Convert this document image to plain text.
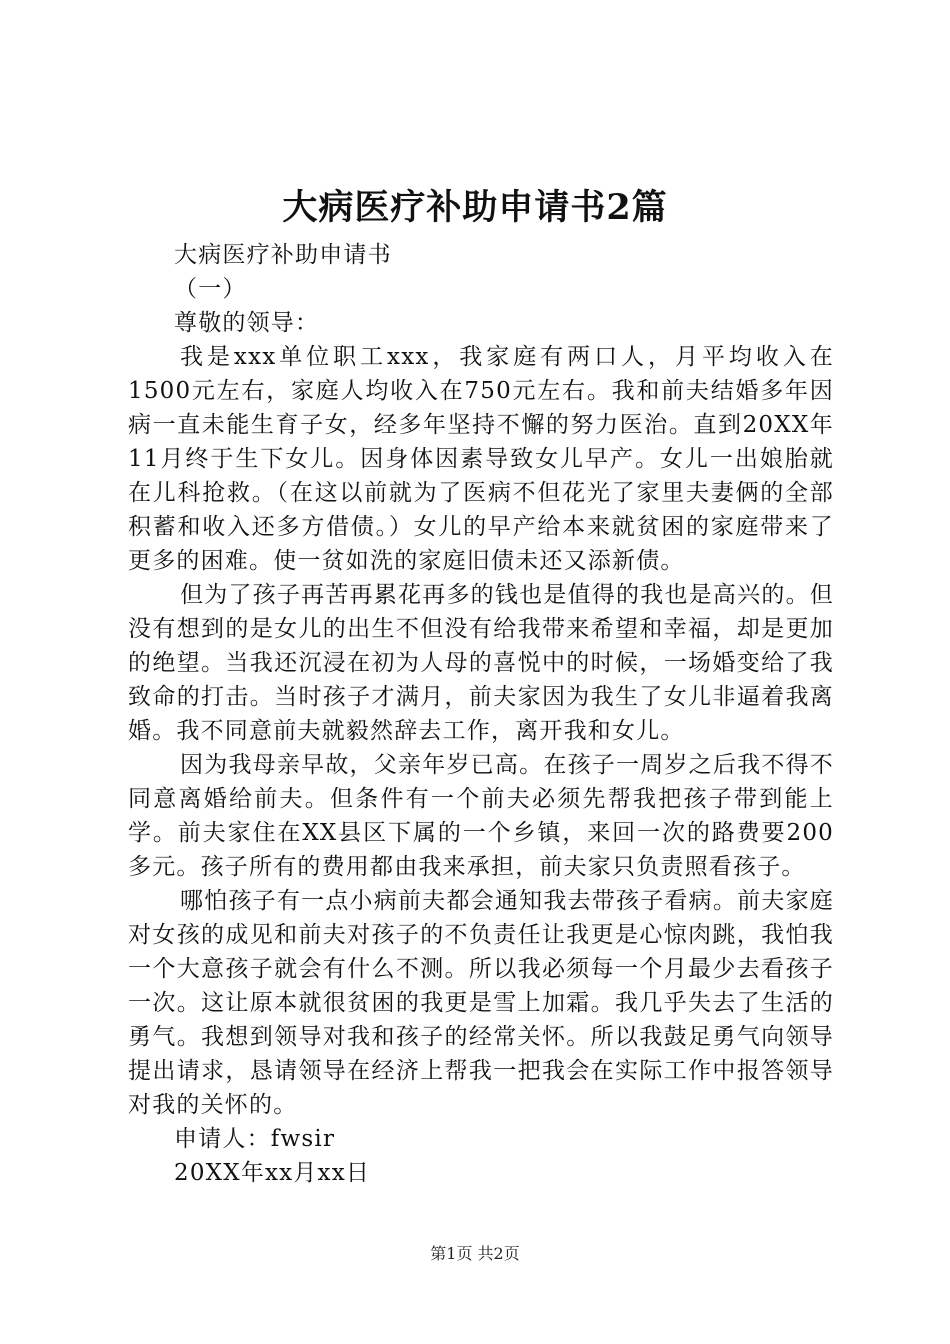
大病医疗补助申请书2篇

大病医疗补助申请书

（一）

尊敬的领导：

我是xxx单位职工xxx，我家庭有两口人，月平均收入在1500元左右，家庭人均收入在750元左右。我和前夫结婚多年因病一直未能生育子女，经多年坚持不懈的努力医治。直到20XX年11月终于生下女儿。因身体因素导致女儿早产。女儿一出娘胎就在儿科抢救。（在这以前就为了医病不但花光了家里夫妻俩的全部积蓄和收入还多方借债。）女儿的早产给本来就贫困的家庭带来了更多的困难。使一贫如洗的家庭旧债未还又添新债。

但为了孩子再苦再累花再多的钱也是值得的我也是高兴的。但没有想到的是女儿的出生不但没有给我带来希望和幸福，却是更加的绝望。当我还沉浸在初为人母的喜悦中的时候，一场婚变给了我致命的打击。当时孩子才满月，前夫家因为我生了女儿非逼着我离婚。我不同意前夫就毅然辞去工作，离开我和女儿。

因为我母亲早故，父亲年岁已高。在孩子一周岁之后我不得不同意离婚给前夫。但条件有一个前夫必须先帮我把孩子带到能上学。前夫家住在XX县区下属的一个乡镇，来回一次的路费要200多元。孩子所有的费用都由我来承担，前夫家只负责照看孩子。

哪怕孩子有一点小病前夫都会通知我去带孩子看病。前夫家庭对女孩的成见和前夫对孩子的不负责任让我更是心惊肉跳，我怕我一个大意孩子就会有什么不测。所以我必须每一个月最少去看孩子一次。这让原本就很贫困的我更是雪上加霜。我几乎失去了生活的勇气。我想到领导对我和孩子的经常关怀。所以我鼓足勇气向领导提出请求，恳请领导在经济上帮我一把我会在实际工作中报答领导对我的关怀的。

申请人：fwsir

20XX年xx月xx日

第1页 共2页
